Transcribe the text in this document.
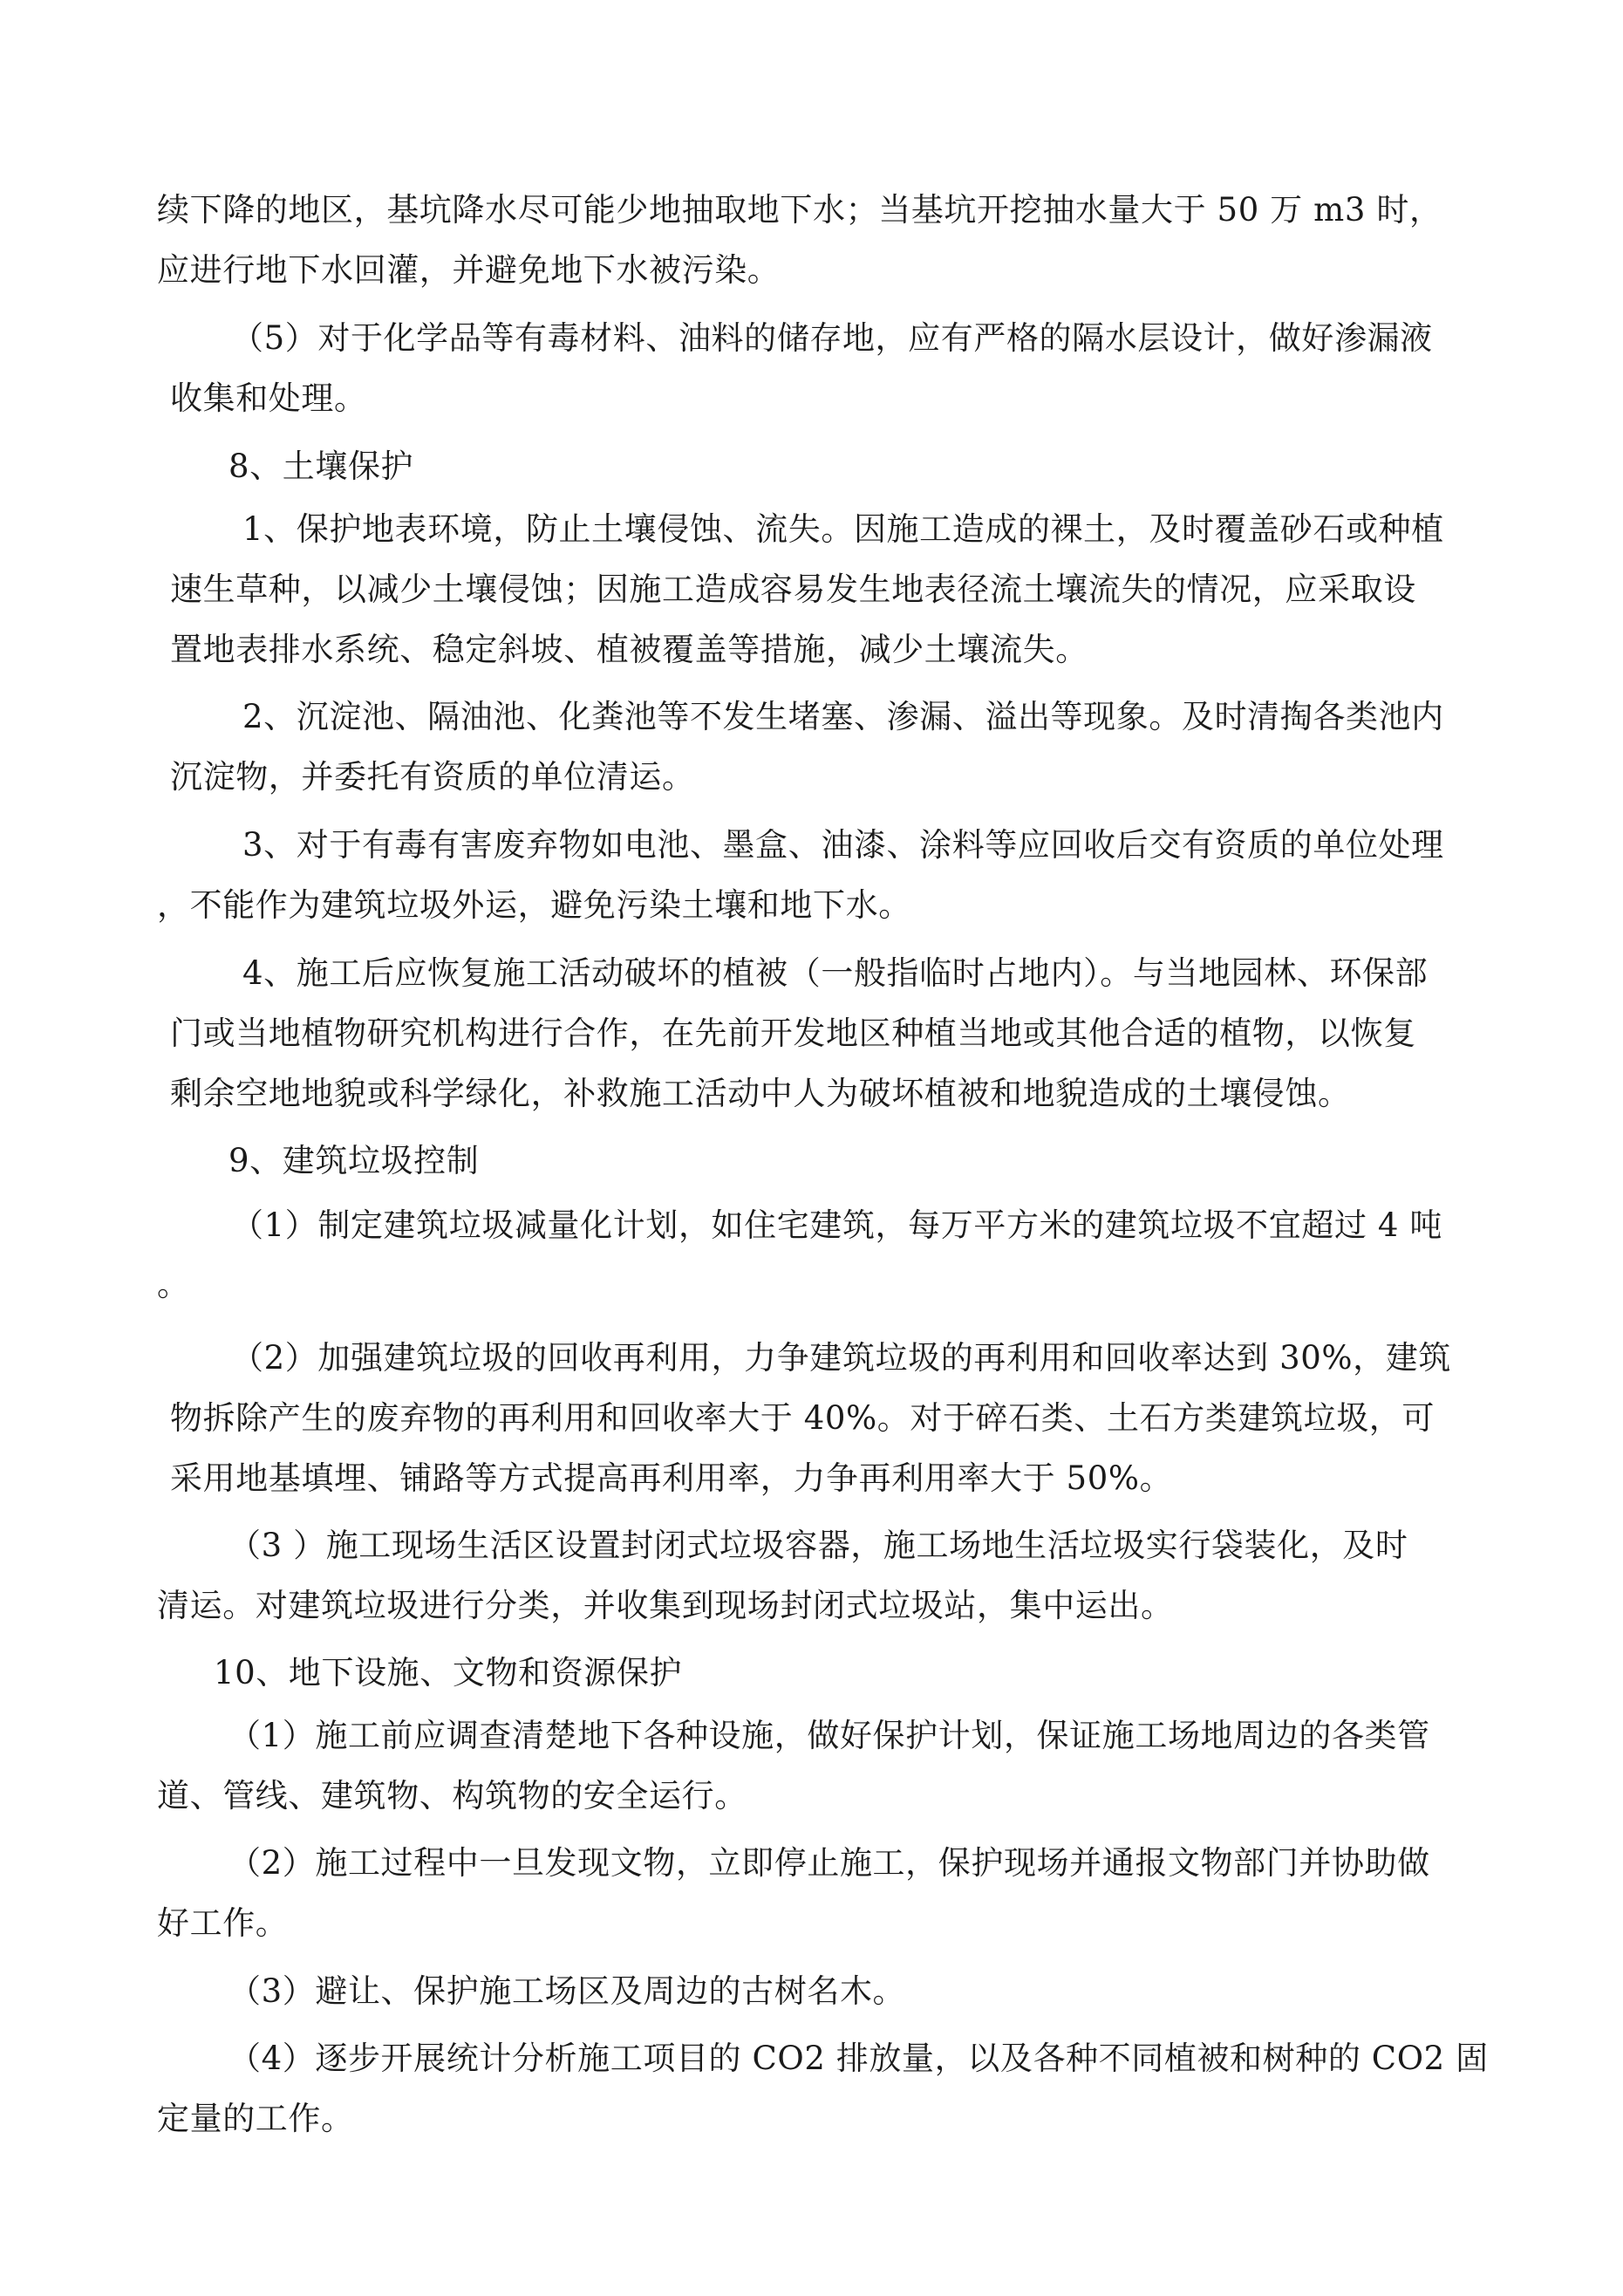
续下降的地区，基坑降水尽可能少地抽取地下水；当基坑开挖抽水量大于 50 万 m3 时，
应进行地下水回灌，并避免地下水被污染。
（5）对于化学品等有毒材料、油料的储存地，应有严格的隔水层设计，做好渗漏液
收集和处理。
8、土壤保护
1、保护地表环境，防止土壤侵蚀、流失。因施工造成的裸土，及时覆盖砂石或种植
速生草种，以减少土壤侵蚀；因施工造成容易发生地表径流土壤流失的情况，应采取设
置地表排水系统、稳定斜坡、植被覆盖等措施，减少土壤流失。
2、沉淀池、隔油池、化粪池等不发生堵塞、渗漏、溢出等现象。及时清掏各类池内
沉淀物，并委托有资质的单位清运。
3、对于有毒有害废弃物如电池、墨盒、油漆、涂料等应回收后交有资质的单位处理
，不能作为建筑垃圾外运，避免污染土壤和地下水。
4、施工后应恢复施工活动破坏的植被（一般指临时占地内）。与当地园林、环保部
门或当地植物研究机构进行合作，在先前开发地区种植当地或其他合适的植物，以恢复
剩余空地地貌或科学绿化，补救施工活动中人为破坏植被和地貌造成的土壤侵蚀。
9、建筑垃圾控制
（1）制定建筑垃圾减量化计划，如住宅建筑，每万平方米的建筑垃圾不宜超过 4 吨
。
（2）加强建筑垃圾的回收再利用，力争建筑垃圾的再利用和回收率达到 30%，建筑
物拆除产生的废弃物的再利用和回收率大于 40%。对于碎石类、土石方类建筑垃圾，可
采用地基填埋、铺路等方式提高再利用率，力争再利用率大于 50%。
（3 ）施工现场生活区设置封闭式垃圾容器，施工场地生活垃圾实行袋装化，及时
清运。对建筑垃圾进行分类，并收集到现场封闭式垃圾站，集中运出。
10、地下设施、文物和资源保护
（1）施工前应调查清楚地下各种设施，做好保护计划，保证施工场地周边的各类管
道、管线、建筑物、构筑物的安全运行。
（2）施工过程中一旦发现文物，立即停止施工，保护现场并通报文物部门并协助做
好工作。
（3）避让、保护施工场区及周边的古树名木。
（4）逐步开展统计分析施工项目的 CO2 排放量，以及各种不同植被和树种的 CO2 固
定量的工作。
